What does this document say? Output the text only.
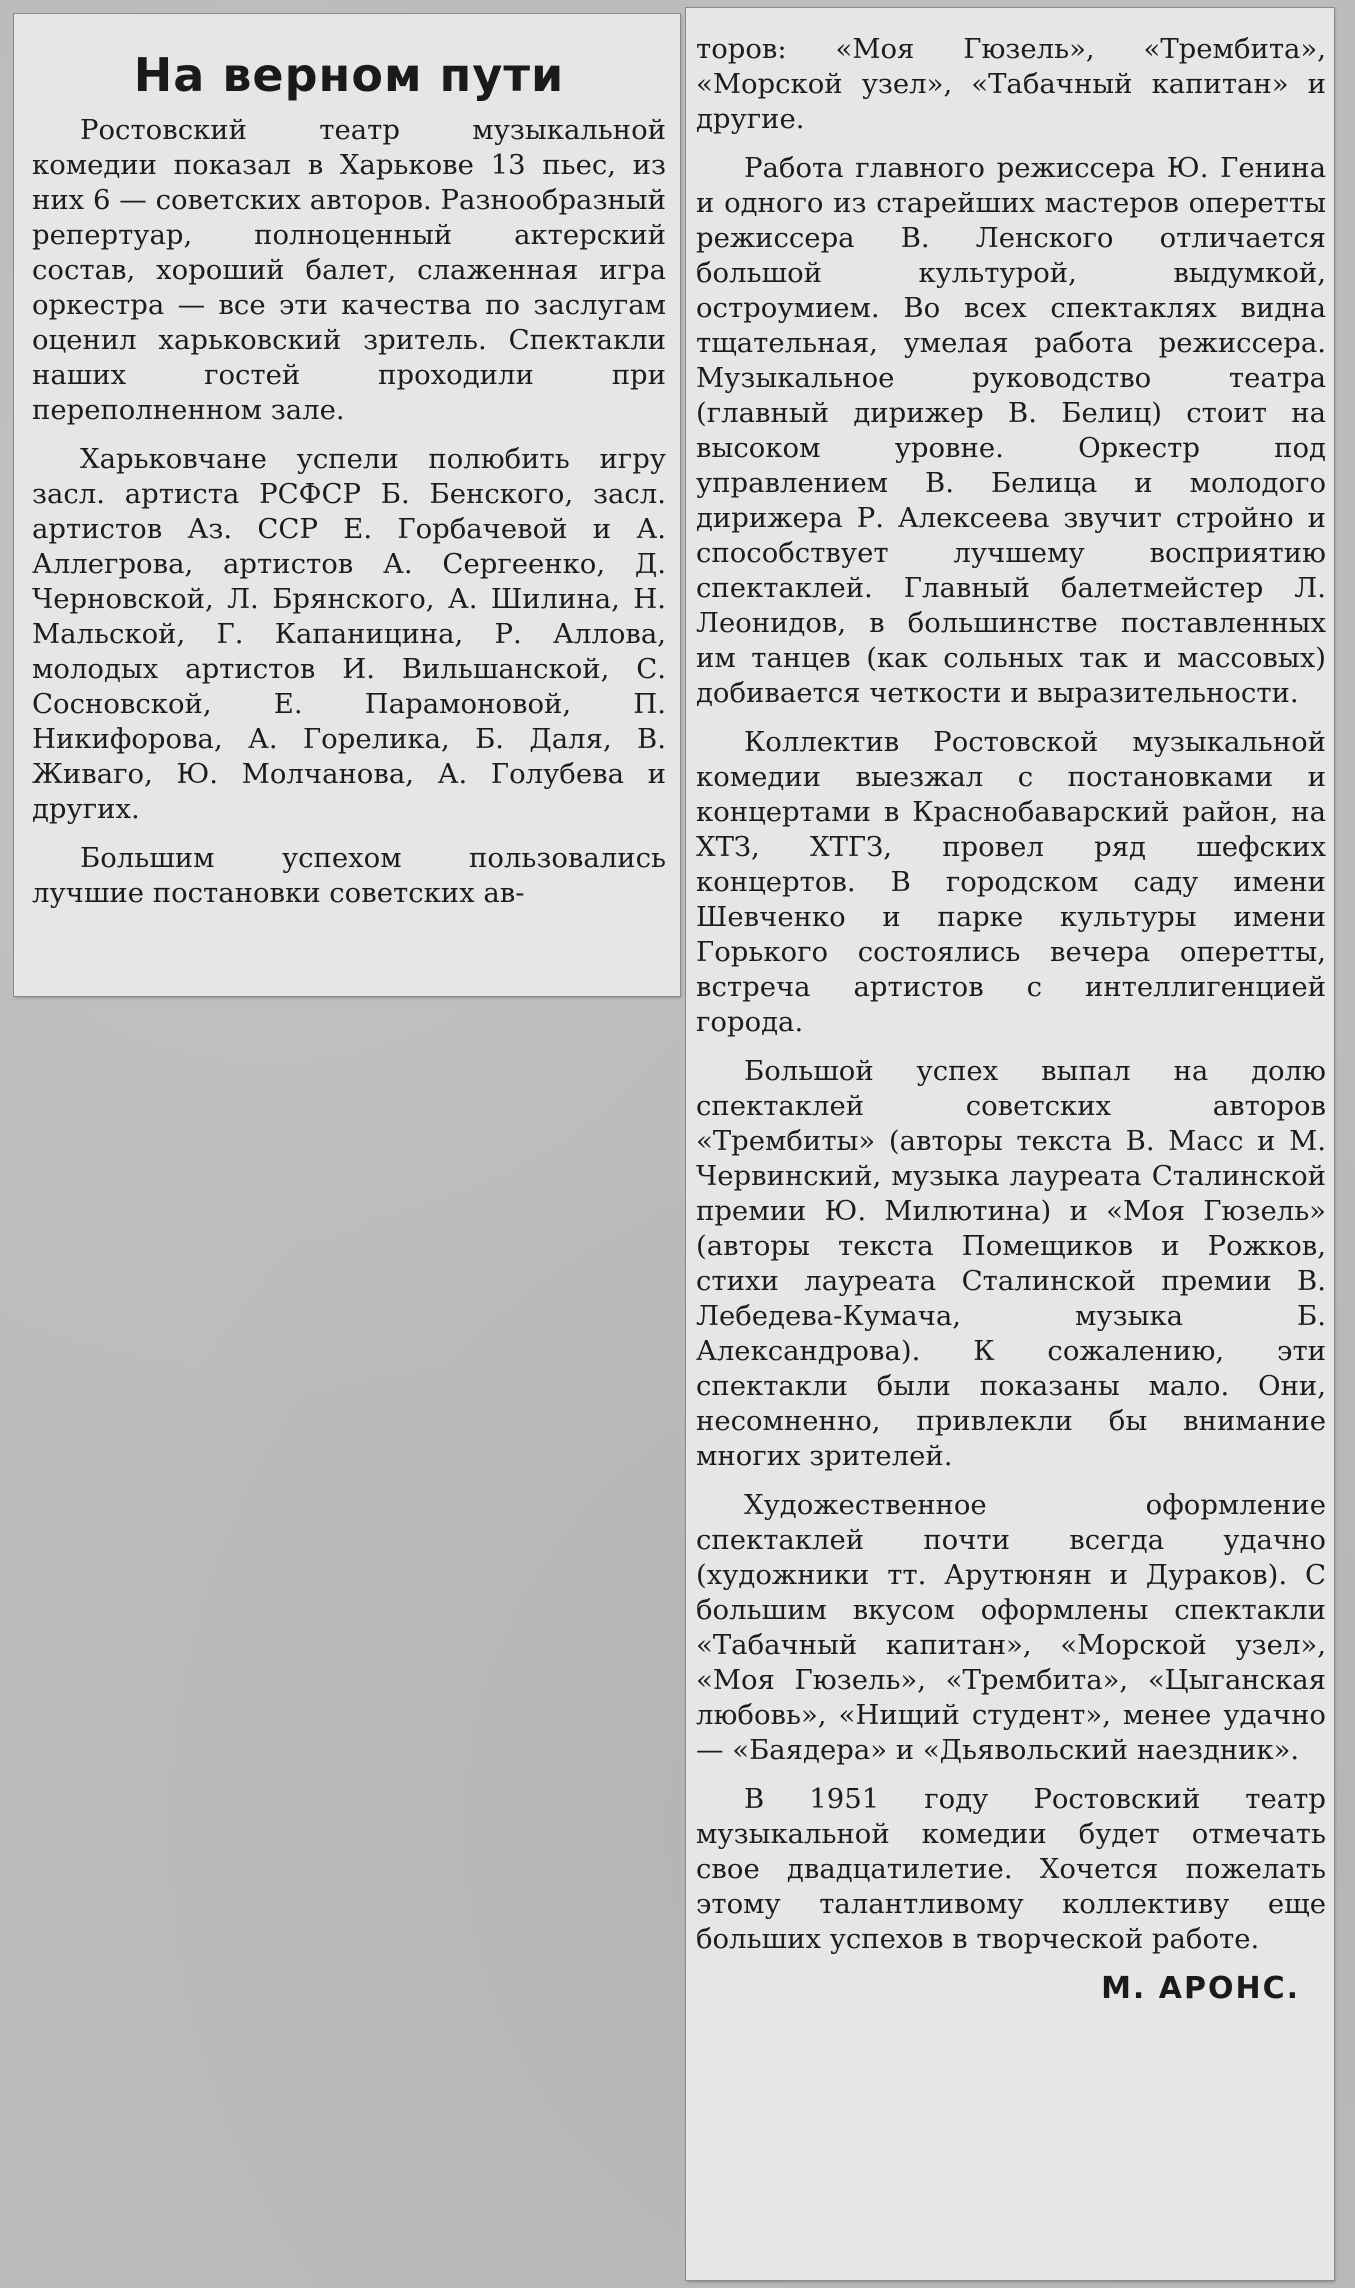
На верном пути

Ростовский театр музыкальной комедии показал в Харькове 13 пьес, из них 6 — советских авторов. Разнообразный репертуар, полноценный актерский состав, хороший балет, слаженная игра оркестра — все эти качества по заслугам оценил харьковский зритель. Спектакли наших гостей проходили при переполненном зале.

Харьковчане успели полюбить игру засл. артиста РСФСР Б. Бенского, засл. артистов Аз. ССР Е. Горбачевой и А. Аллегрова, артистов А. Сергеенко, Д. Черновской, Л. Брянского, А. Шилина, Н. Мальской, Г. Капаницина, Р. Аллова, молодых артистов И. Вильшанской, С. Сосновской, Е. Парамоновой, П. Никифорова, А. Горелика, Б. Даля, В. Живаго, Ю. Молчанова, А. Голубева и других.

Большим успехом пользовались лучшие постановки советских ав-

торов: «Моя Гюзель», «Трембита», «Морской узел», «Табачный капитан» и другие.

Работа главного режиссера Ю. Генина и одного из старейших мастеров оперетты режиссера В. Ленского отличается большой культурой, выдумкой, остроумием. Во всех спектаклях видна тщательная, умелая работа режиссера. Музыкальное руководство театра (главный дирижер В. Белиц) стоит на высоком уровне. Оркестр под управлением В. Белица и молодого дирижера Р. Алексеева звучит стройно и способствует лучшему восприятию спектаклей. Главный балетмейстер Л. Леонидов, в большинстве поставленных им танцев (как сольных так и массовых) добивается четкости и выразительности.

Коллектив Ростовской музыкальной комедии выезжал с постановками и концертами в Краснобаварский район, на ХТЗ, ХТГЗ, провел ряд шефских концертов. В городском саду имени Шевченко и парке культуры имени Горького состоялись вечера оперетты, встреча артистов с интеллигенцией города.

Большой успех выпал на долю спектаклей советских авторов «Трембиты» (авторы текста В. Масс и М. Червинский, музыка лауреата Сталинской премии Ю. Милютина) и «Моя Гюзель» (авторы текста Помещиков и Рожков, стихи лауреата Сталинской премии В. Лебедева-Кумача, музыка Б. Александрова). К сожалению, эти спектакли были показаны мало. Они, несомненно, привлекли бы внимание многих зрителей.

Художественное оформление спектаклей почти всегда удачно (художники тт. Арутюнян и Дураков). С большим вкусом оформлены спектакли «Табачный капитан», «Морской узел», «Моя Гюзель», «Трембита», «Цыганская любовь», «Нищий студент», менее удачно — «Баядера» и «Дьявольский наездник».

В 1951 году Ростовский театр музыкальной комедии будет отмечать свое двадцатилетие. Хочется пожелать этому талантливому коллективу еще больших успехов в творческой работе.

М. АРОНС.
